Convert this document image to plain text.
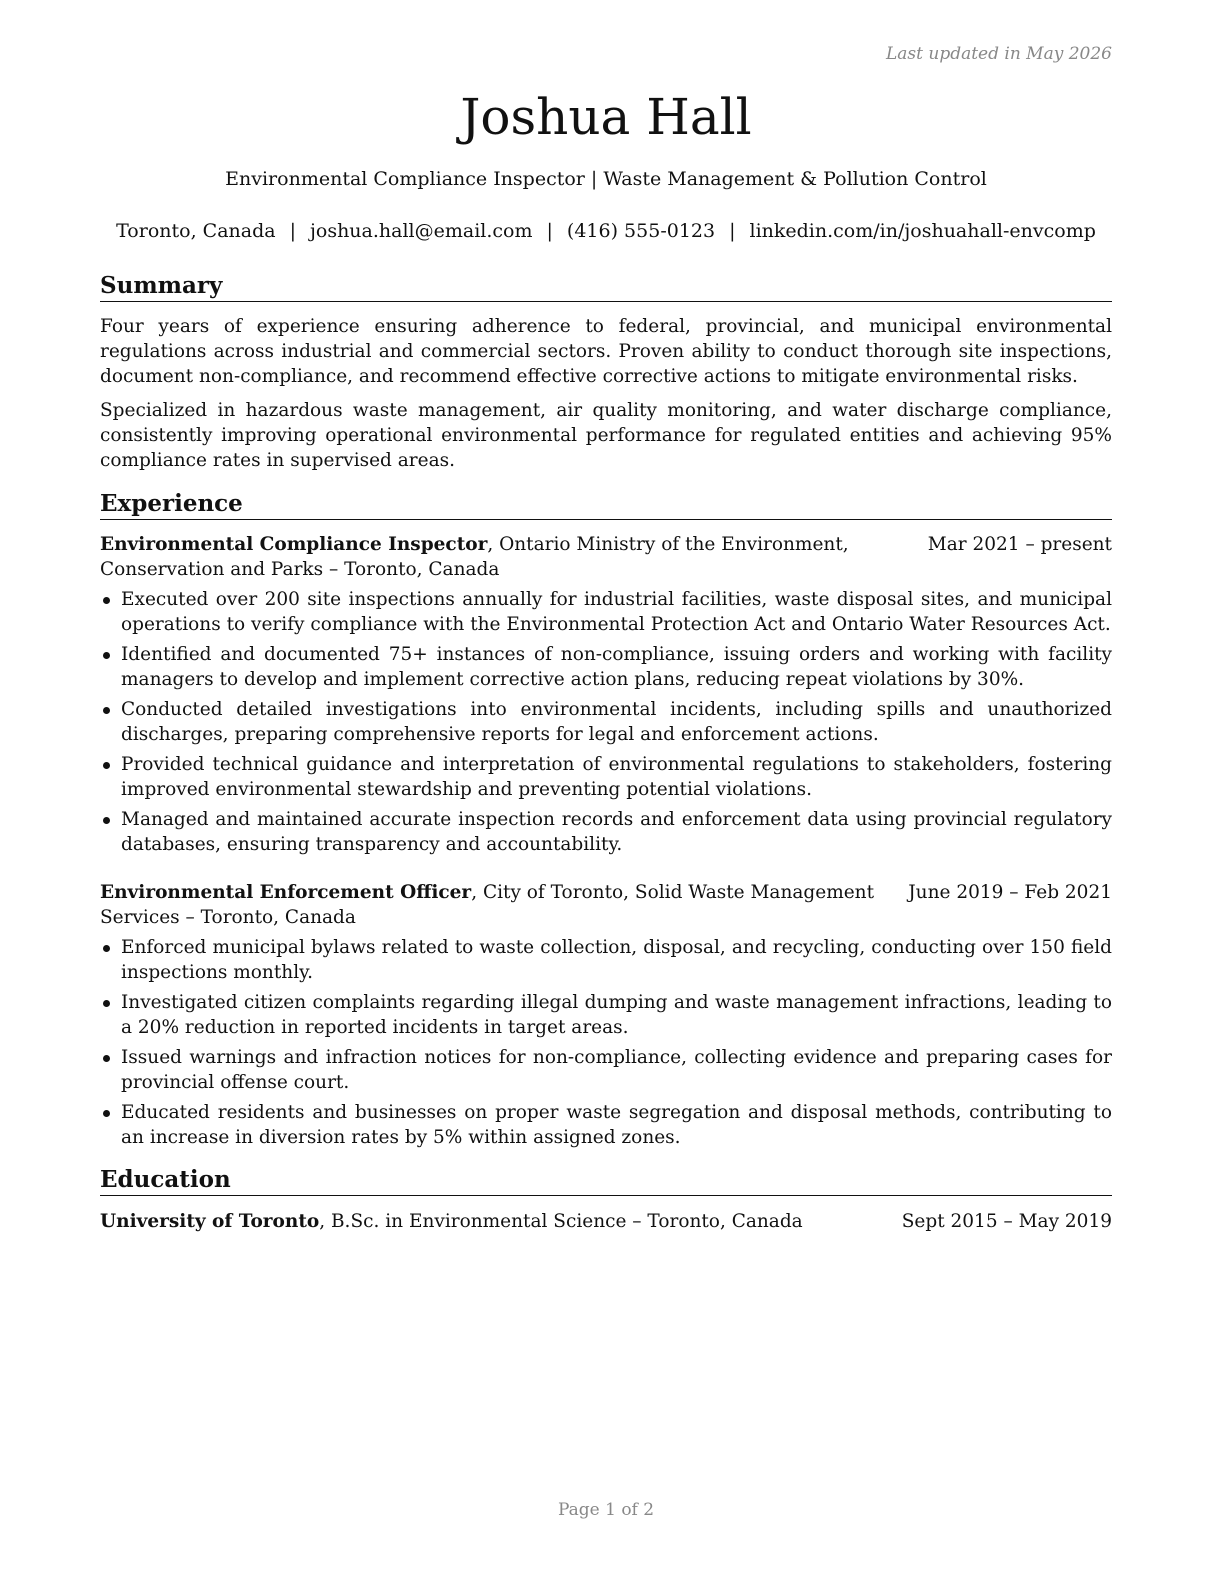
Last updated in May 2026
Joshua Hall
Environmental Compliance Inspector | Waste Management & Pollution Control
Toronto, Canada | joshua.hall@email.com | (416) 555-0123 | linkedin.com/in/joshuahall-envcomp
Summary

Four years of experience ensuring adherence to federal, provincial, and municipal environmental regulations across industrial and commercial sectors. Proven ability to conduct thorough site inspections, document non-compliance, and recommend effective corrective actions to mitigate environmental risks.

Specialized in hazardous waste management, air quality monitoring, and water discharge compliance, consistently improving operational environmental performance for regulated entities and achieving 95% compliance rates in supervised areas.

Experience
Environmental Compliance Inspector, Ontario Ministry of the Environment, Conservation and Parks – Toronto, Canada
Mar 2021 – present
Executed over 200 site inspections annually for industrial facilities, waste disposal sites, and municipal operations to verify compliance with the Environmental Protection Act and Ontario Water Resources Act.
Identified and documented 75+ instances of non-compliance, issuing orders and working with facility managers to develop and implement corrective action plans, reducing repeat violations by 30%.
Conducted detailed investigations into environmental incidents, including spills and unauthorized discharges, preparing comprehensive reports for legal and enforcement actions.
Provided technical guidance and interpretation of environmental regulations to stakeholders, fostering improved environmental stewardship and preventing potential violations.
Managed and maintained accurate inspection records and enforcement data using provincial regulatory databases, ensuring transparency and accountability.
Environmental Enforcement Officer, City of Toronto, Solid Waste Management Services – Toronto, Canada
June 2019 – Feb 2021
Enforced municipal bylaws related to waste collection, disposal, and recycling, conducting over 150 field inspections monthly.
Investigated citizen complaints regarding illegal dumping and waste management infractions, leading to a 20% reduction in reported incidents in target areas.
Issued warnings and infraction notices for non-compliance, collecting evidence and preparing cases for provincial offense court.
Educated residents and businesses on proper waste segregation and disposal methods, contributing to an increase in diversion rates by 5% within assigned zones.
Education
University of Toronto, B.Sc. in Environmental Science – Toronto, Canada	Sept 2015 – May 2019
Page 1 of 2
